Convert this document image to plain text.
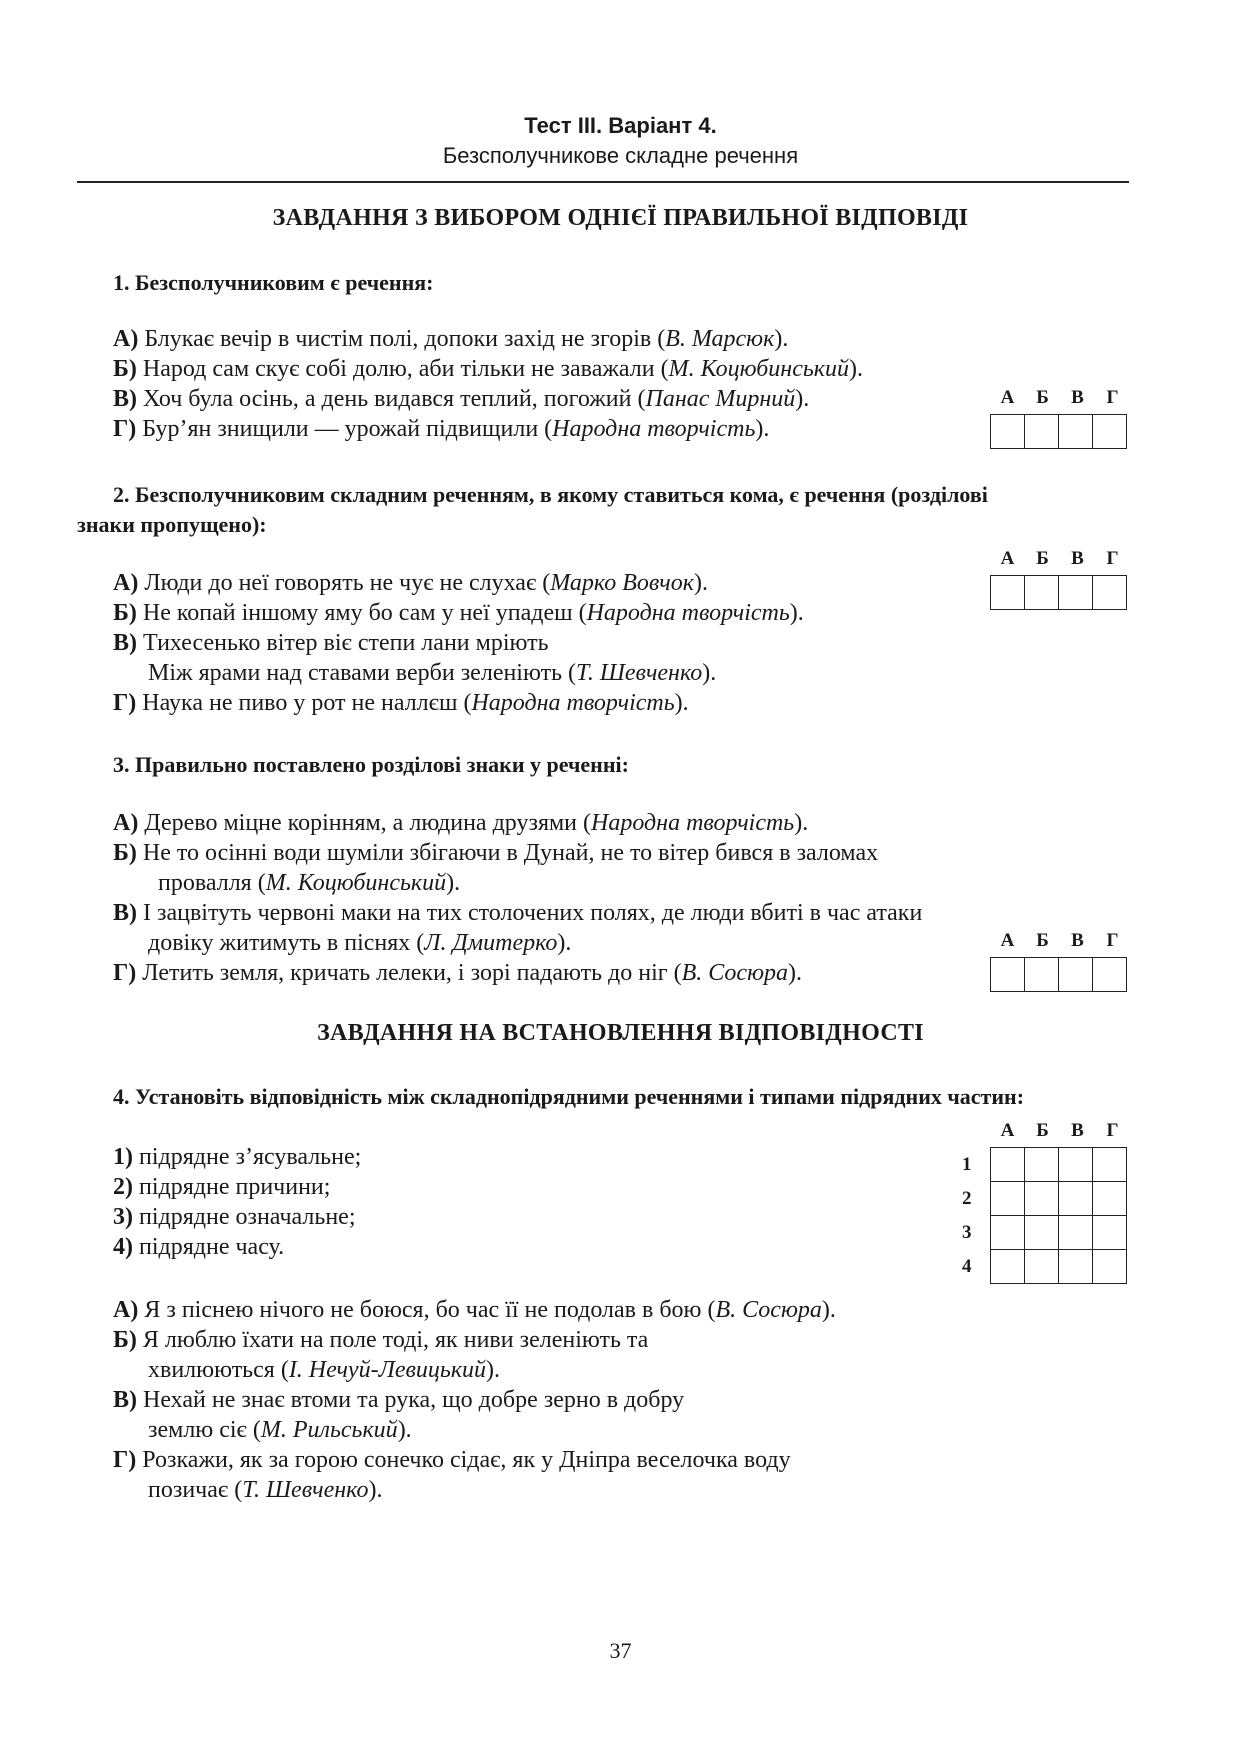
Тест ІІІ. Варіант 4.
Безсполучникове складне речення
ЗАВДАННЯ З ВИБОРОМ ОДНІЄЇ ПРАВИЛЬНОЇ ВІДПОВІДІ
1. Безсполучниковим є речення:
А) Блукає вечір в чистім полі, допоки захід не згорів (В. Марсюк).
Б) Народ сам скує собі долю, аби тільки не заважали (М. Коцюбинський).
В) Хоч була осінь, а день видався теплий, погожий (Панас Мирний).
Г) Бур’ян знищили — урожай підвищили (Народна творчість).
А	Б	В	Г

2. Безсполучниковим складним реченням, в якому ставиться кома, є речення (розділові
знаки пропущено):
А) Люди до неї говорять не чує не слухає (Марко Вовчок).
Б) Не копай іншому яму бо сам у неї упадеш (Народна творчість).
В) Тихесенько вітер віє степи лани мріють
Між ярами над ставами верби зеленіють (Т. Шевченко).
Г) Наука не пиво у рот не наллєш (Народна творчість).
А	Б	В	Г

3. Правильно поставлено розділові знаки у реченні:
А) Дерево міцне корінням, а людина друзями (Народна творчість).
Б) Не то осінні води шуміли збігаючи в Дунай, не то вітер бився в заломах
провалля (М. Коцюбинський).
В) І зацвітуть червоні маки на тих столочених полях, де люди вбиті в час атаки
довіку житимуть в піснях (Л. Дмитерко).
Г) Летить земля, кричать лелеки, і зорі падають до ніг (В. Сосюра).
А	Б	В	Г

ЗАВДАННЯ НА ВСТАНОВЛЕННЯ ВІДПОВІДНОСТІ
4. Установіть відповідність між складнопідрядними реченнями і типами підрядних частин:
1) підрядне з’ясувальне;
2) підрядне причини;
3) підрядне означальне;
4) підрядне часу.
А	Б	В	Г
1				
2				
3				
4				
А) Я з піснею нічого не боюся, бо час її не подолав в бою (В. Сосюра).
Б) Я люблю їхати на поле тоді, як ниви зеленіють та
хвилюються (І. Нечуй-Левицький).
В) Нехай не знає втоми та рука, що добре зерно в добру
землю сіє (М. Рильський).
Г) Розкажи, як за горою сонечко сідає, як у Дніпра веселочка воду
позичає (Т. Шевченко).
37
